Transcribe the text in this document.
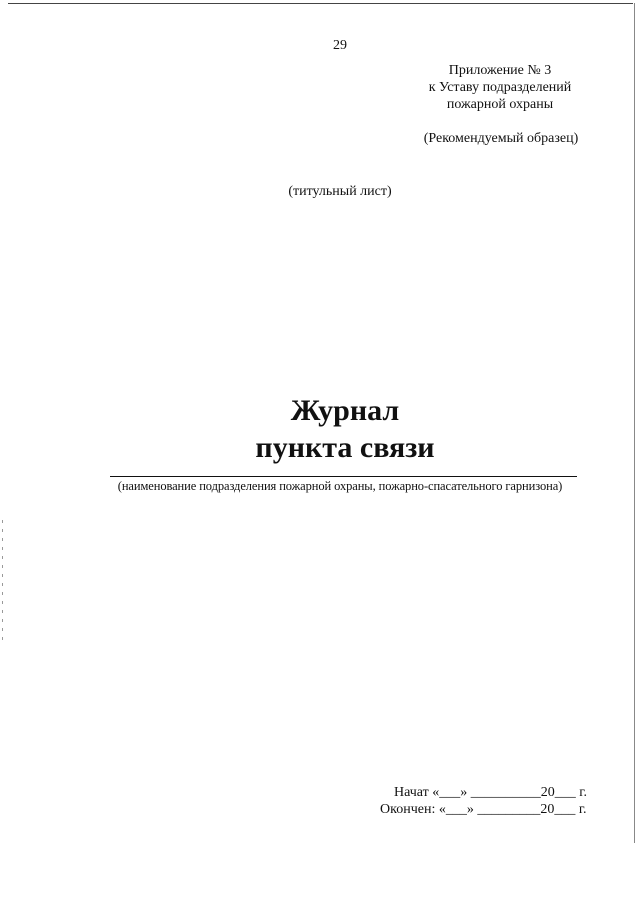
29
Приложение № 3
к Уставу подразделений
пожарной охраны
(Рекомендуемый образец)
(титульный лист)
Журнал
пункта связи
(наименование подразделения пожарной охраны, пожарно-спасательного гарнизона)
Начат «___» __________20___ г.
Окончен: «___» _________20___ г.
